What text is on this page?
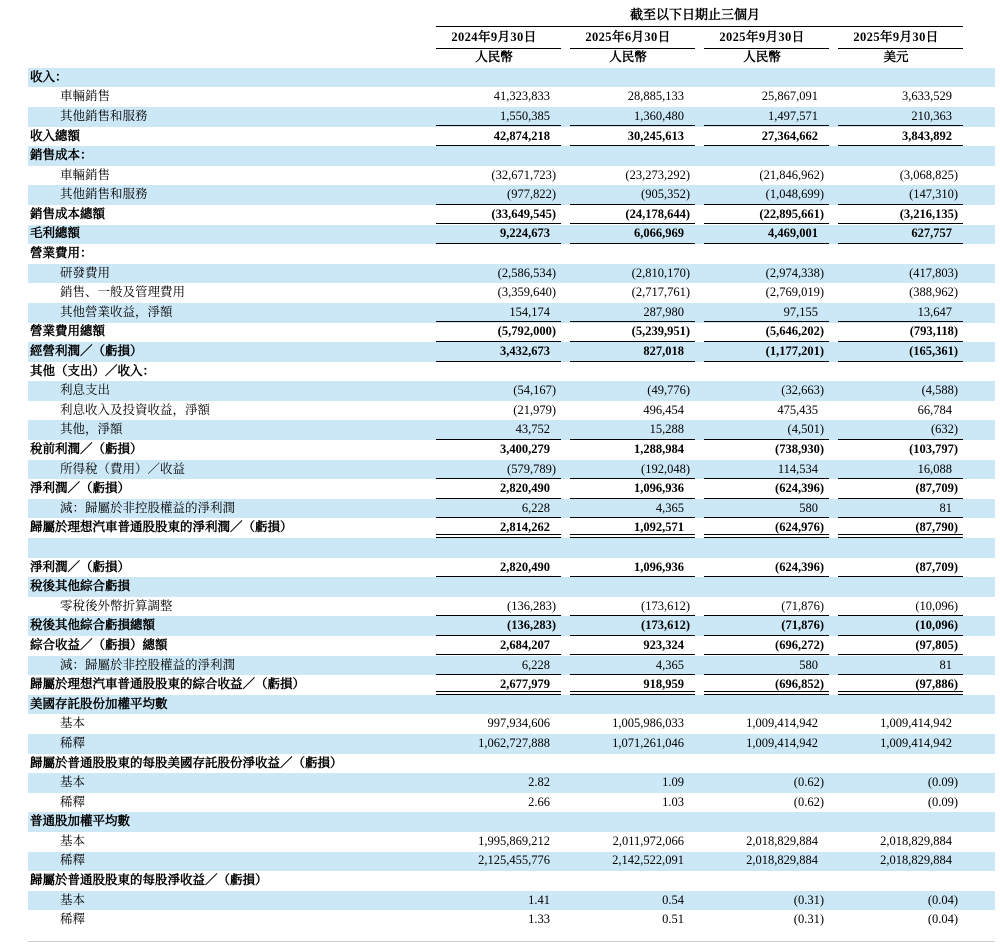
	截至以下日期止三個月				
	2024年9月30日	2025年6月30日	2025年9月30日	2025年9月30日	
	人民幣	人民幣	人民幣	美元	
收入：					
車輛銷售	41,323,833	28,885,133	25,867,091	3,633,529	
其他銷售和服務	1,550,385	1,360,480	1,497,571	210,363	
收入總額	42,874,218	30,245,613	27,364,662	3,843,892	
銷售成本：					
車輛銷售	(32,671,723)	(23,273,292)	(21,846,962)	(3,068,825)	
其他銷售和服務	(977,822)	(905,352)	(1,048,699)	(147,310)	
銷售成本總額	(33,649,545)	(24,178,644)	(22,895,661)	(3,216,135)	
毛利總額	9,224,673	6,066,969	4,469,001	627,757	
營業費用：					
研發費用	(2,586,534)	(2,810,170)	(2,974,338)	(417,803)	
銷售、一般及管理費用	(3,359,640)	(2,717,761)	(2,769,019)	(388,962)	
其他營業收益，淨額	154,174	287,980	97,155	13,647	
營業費用總額	(5,792,000)	(5,239,951)	(5,646,202)	(793,118)	
經營利潤／（虧損）	3,432,673	827,018	(1,177,201)	(165,361)	
其他（支出）／收入：					
利息支出	(54,167)	(49,776)	(32,663)	(4,588)	
利息收入及投資收益，淨額	(21,979)	496,454	475,435	66,784	
其他，淨額	43,752	15,288	(4,501)	(632)	
稅前利潤／（虧損）	3,400,279	1,288,984	(738,930)	(103,797)	
所得稅（費用）／收益	(579,789)	(192,048)	114,534	16,088	
淨利潤／（虧損）	2,820,490	1,096,936	(624,396)	(87,709)	
減：歸屬於非控股權益的淨利潤	6,228	4,365	580	81	
歸屬於理想汽車普通股股東的淨利潤／（虧損）	2,814,262	1,092,571	(624,976)	(87,790)	

淨利潤／（虧損）	2,820,490	1,096,936	(624,396)	(87,709)	
稅後其他綜合虧損					
零稅後外幣折算調整	(136,283)	(173,612)	(71,876)	(10,096)	
稅後其他綜合虧損總額	(136,283)	(173,612)	(71,876)	(10,096)	
綜合收益／（虧損）總額	2,684,207	923,324	(696,272)	(97,805)	
減：歸屬於非控股權益的淨利潤	6,228	4,365	580	81	
歸屬於理想汽車普通股股東的綜合收益／（虧損）	2,677,979	918,959	(696,852)	(97,886)	
美國存託股份加權平均數					
基本	997,934,606	1,005,986,033	1,009,414,942	1,009,414,942	
稀釋	1,062,727,888	1,071,261,046	1,009,414,942	1,009,414,942	
歸屬於普通股股東的每股美國存託股份淨收益／（虧損）					
基本	2.82	1.09	(0.62)	(0.09)	
稀釋	2.66	1.03	(0.62)	(0.09)	
普通股加權平均數					
基本	1,995,869,212	2,011,972,066	2,018,829,884	2,018,829,884	
稀釋	2,125,455,776	2,142,522,091	2,018,829,884	2,018,829,884	
歸屬於普通股股東的每股淨收益／（虧損）					
基本	1.41	0.54	(0.31)	(0.04)	
稀釋	1.33	0.51	(0.31)	(0.04)	
